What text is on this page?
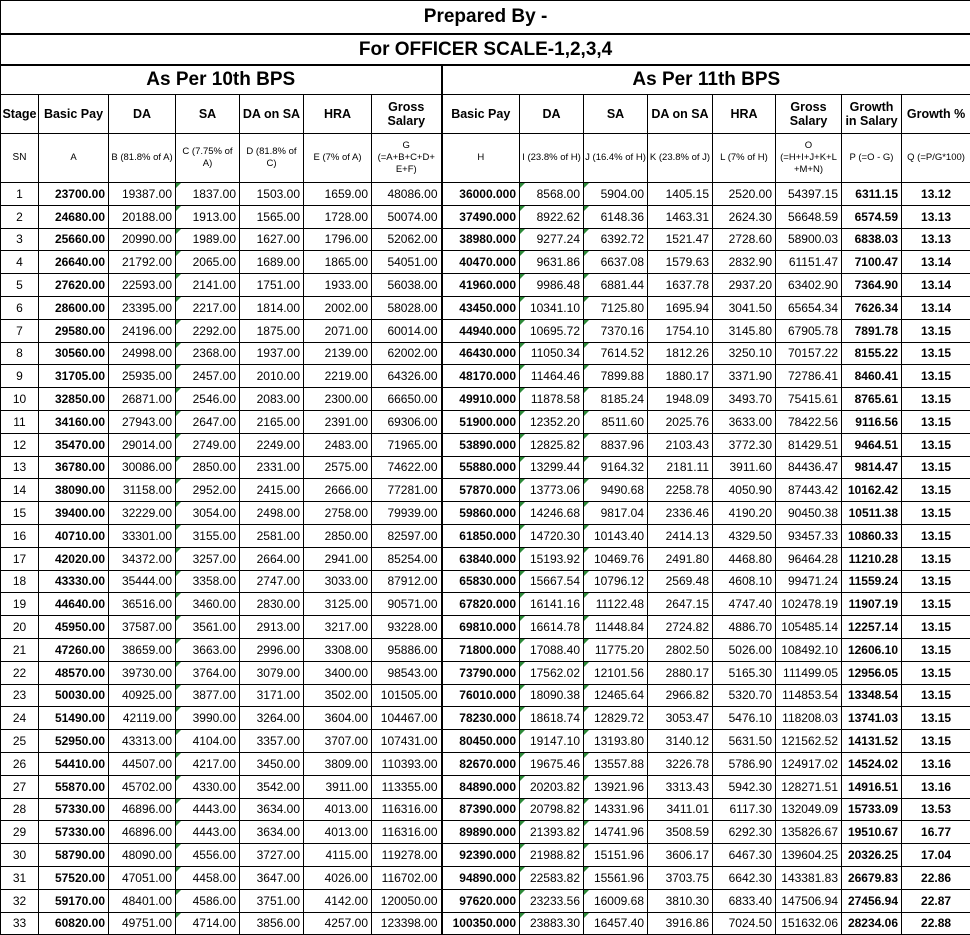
Prepared By -														
For OFFICER SCALE-1,2,3,4														
As Per 10th BPS							As Per 11th BPS							
Stage	Basic Pay	DA	SA	DA on SA	HRA	Gross Salary	Basic Pay	DA	SA	DA on SA	HRA	Gross Salary	Growth in Salary	Growth %
SN	A	B (81.8% of A)	C (7.75% of A)	D (81.8% of C)	E (7% of A)	G (=A+B+C+D+ E+F)	H	I (23.8% of H)	J (16.4% of H)	K (23.8% of J)	L (7% of H)	O (=H+I+J+K+L +M+N)	P (=O - G)	Q (=P/G*100)
1	23700.00	19387.00	1837.00	1503.00	1659.00	48086.00	36000.000	8568.00	5904.00	1405.15	2520.00	54397.15	6311.15	13.12
2	24680.00	20188.00	1913.00	1565.00	1728.00	50074.00	37490.000	8922.62	6148.36	1463.31	2624.30	56648.59	6574.59	13.13
3	25660.00	20990.00	1989.00	1627.00	1796.00	52062.00	38980.000	9277.24	6392.72	1521.47	2728.60	58900.03	6838.03	13.13
4	26640.00	21792.00	2065.00	1689.00	1865.00	54051.00	40470.000	9631.86	6637.08	1579.63	2832.90	61151.47	7100.47	13.14
5	27620.00	22593.00	2141.00	1751.00	1933.00	56038.00	41960.000	9986.48	6881.44	1637.78	2937.20	63402.90	7364.90	13.14
6	28600.00	23395.00	2217.00	1814.00	2002.00	58028.00	43450.000	10341.10	7125.80	1695.94	3041.50	65654.34	7626.34	13.14
7	29580.00	24196.00	2292.00	1875.00	2071.00	60014.00	44940.000	10695.72	7370.16	1754.10	3145.80	67905.78	7891.78	13.15
8	30560.00	24998.00	2368.00	1937.00	2139.00	62002.00	46430.000	11050.34	7614.52	1812.26	3250.10	70157.22	8155.22	13.15
9	31705.00	25935.00	2457.00	2010.00	2219.00	64326.00	48170.000	11464.46	7899.88	1880.17	3371.90	72786.41	8460.41	13.15
10	32850.00	26871.00	2546.00	2083.00	2300.00	66650.00	49910.000	11878.58	8185.24	1948.09	3493.70	75415.61	8765.61	13.15
11	34160.00	27943.00	2647.00	2165.00	2391.00	69306.00	51900.000	12352.20	8511.60	2025.76	3633.00	78422.56	9116.56	13.15
12	35470.00	29014.00	2749.00	2249.00	2483.00	71965.00	53890.000	12825.82	8837.96	2103.43	3772.30	81429.51	9464.51	13.15
13	36780.00	30086.00	2850.00	2331.00	2575.00	74622.00	55880.000	13299.44	9164.32	2181.11	3911.60	84436.47	9814.47	13.15
14	38090.00	31158.00	2952.00	2415.00	2666.00	77281.00	57870.000	13773.06	9490.68	2258.78	4050.90	87443.42	10162.42	13.15
15	39400.00	32229.00	3054.00	2498.00	2758.00	79939.00	59860.000	14246.68	9817.04	2336.46	4190.20	90450.38	10511.38	13.15
16	40710.00	33301.00	3155.00	2581.00	2850.00	82597.00	61850.000	14720.30	10143.40	2414.13	4329.50	93457.33	10860.33	13.15
17	42020.00	34372.00	3257.00	2664.00	2941.00	85254.00	63840.000	15193.92	10469.76	2491.80	4468.80	96464.28	11210.28	13.15
18	43330.00	35444.00	3358.00	2747.00	3033.00	87912.00	65830.000	15667.54	10796.12	2569.48	4608.10	99471.24	11559.24	13.15
19	44640.00	36516.00	3460.00	2830.00	3125.00	90571.00	67820.000	16141.16	11122.48	2647.15	4747.40	102478.19	11907.19	13.15
20	45950.00	37587.00	3561.00	2913.00	3217.00	93228.00	69810.000	16614.78	11448.84	2724.82	4886.70	105485.14	12257.14	13.15
21	47260.00	38659.00	3663.00	2996.00	3308.00	95886.00	71800.000	17088.40	11775.20	2802.50	5026.00	108492.10	12606.10	13.15
22	48570.00	39730.00	3764.00	3079.00	3400.00	98543.00	73790.000	17562.02	12101.56	2880.17	5165.30	111499.05	12956.05	13.15
23	50030.00	40925.00	3877.00	3171.00	3502.00	101505.00	76010.000	18090.38	12465.64	2966.82	5320.70	114853.54	13348.54	13.15
24	51490.00	42119.00	3990.00	3264.00	3604.00	104467.00	78230.000	18618.74	12829.72	3053.47	5476.10	118208.03	13741.03	13.15
25	52950.00	43313.00	4104.00	3357.00	3707.00	107431.00	80450.000	19147.10	13193.80	3140.12	5631.50	121562.52	14131.52	13.15
26	54410.00	44507.00	4217.00	3450.00	3809.00	110393.00	82670.000	19675.46	13557.88	3226.78	5786.90	124917.02	14524.02	13.16
27	55870.00	45702.00	4330.00	3542.00	3911.00	113355.00	84890.000	20203.82	13921.96	3313.43	5942.30	128271.51	14916.51	13.16
28	57330.00	46896.00	4443.00	3634.00	4013.00	116316.00	87390.000	20798.82	14331.96	3411.01	6117.30	132049.09	15733.09	13.53
29	57330.00	46896.00	4443.00	3634.00	4013.00	116316.00	89890.000	21393.82	14741.96	3508.59	6292.30	135826.67	19510.67	16.77
30	58790.00	48090.00	4556.00	3727.00	4115.00	119278.00	92390.000	21988.82	15151.96	3606.17	6467.30	139604.25	20326.25	17.04
31	57520.00	47051.00	4458.00	3647.00	4026.00	116702.00	94890.000	22583.82	15561.96	3703.75	6642.30	143381.83	26679.83	22.86
32	59170.00	48401.00	4586.00	3751.00	4142.00	120050.00	97620.000	23233.56	16009.68	3810.30	6833.40	147506.94	27456.94	22.87
33	60820.00	49751.00	4714.00	3856.00	4257.00	123398.00	100350.000	23883.30	16457.40	3916.86	7024.50	151632.06	28234.06	22.88
